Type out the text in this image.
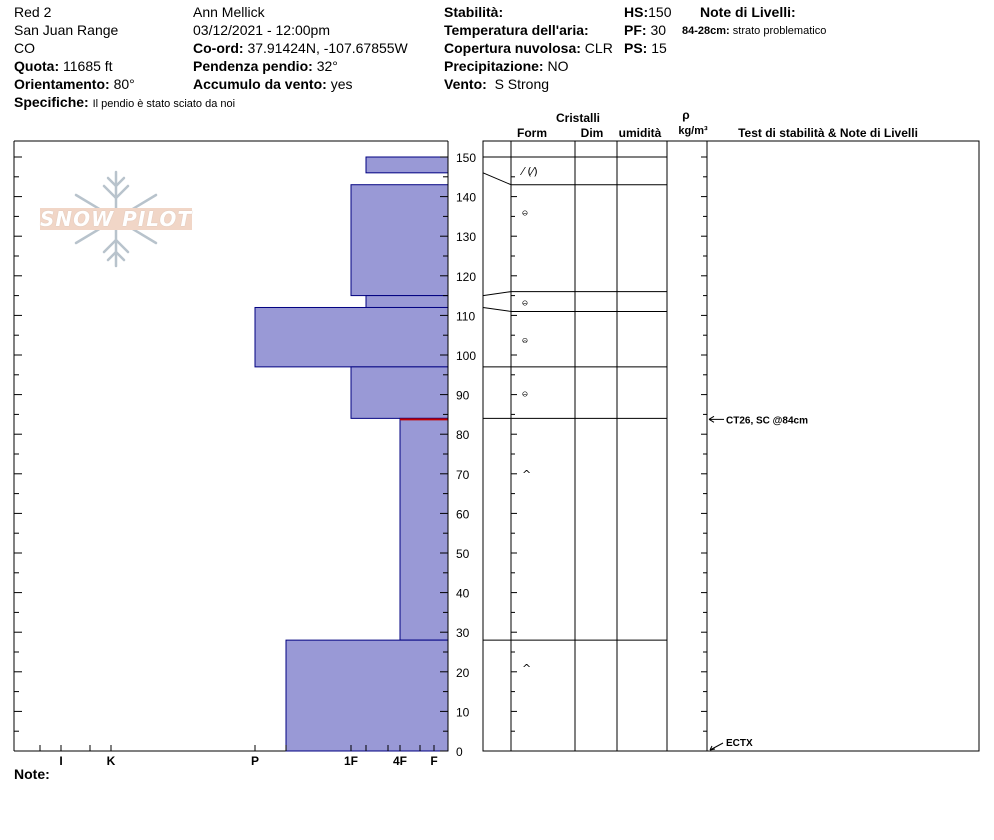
Red 2
San Juan Range
CO
Quota: 11685 ft
Orientamento: 80°
Specifiche: Il pendio è stato sciato da noi
Ann Mellick
03/12/2021 - 12:00pm
Co-ord: 37.91424N, -107.67855W
Pendenza pendio: 32°
Accumulo da vento: yes
Stabilità:
Temperatura dell'aria:
Copertura nuvolosa: CLR
Precipitazione: NO
Vento: S Strong
HS:150
PF: 30
PS: 15
Note di Livelli:
84-28cm: strato problematico
Note:
SNOW PILOT
0
10
20
30
40
50
60
70
80
90
100
110
120
130
140
150
I	K	P	1F	4F F
⁄ (⁄)
ဓ
ဓ
ဓ
ဓ
^
^
CT26, SC @84cm
ECTX
Cristalli
Form	Dim umidità
ρ
kg/m³	Test di stabilità & Note di Livelli
